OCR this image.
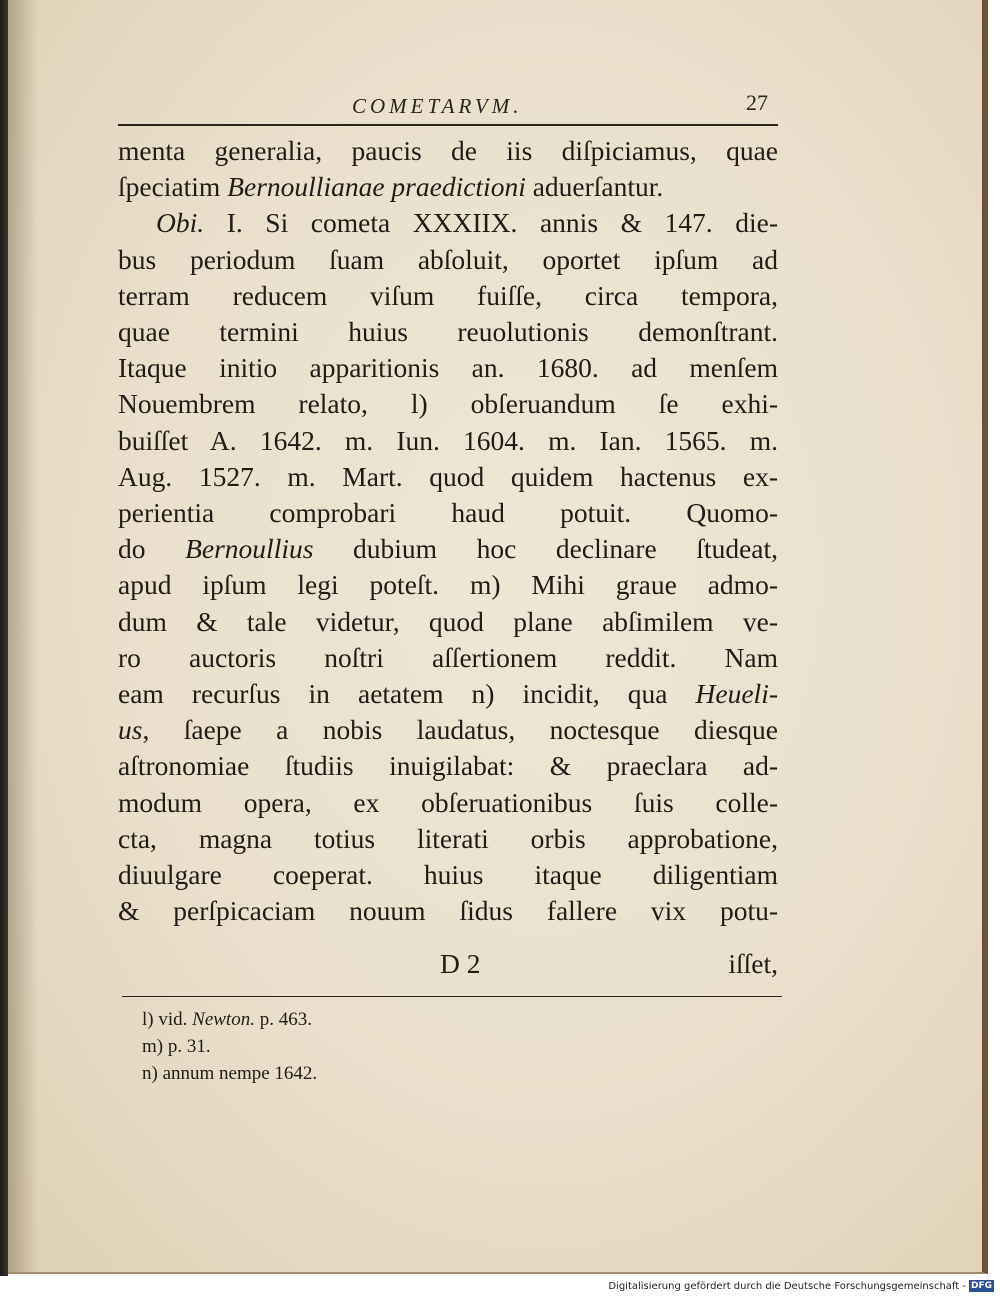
COMETARVM.	27
menta generalia, paucis de iis diſpiciamus, quae
ſpeciatim Bernoullianae praedictioni aduerſantur.
Obi. I. Si cometa XXXIIX. annis & 147. die-
bus periodum ſuam abſoluit, oportet ipſum ad
terram reducem viſum fuiſſe, circa tempora,
quae termini huius reuolutionis demonſtrant.
Itaque initio apparitionis an. 1680. ad menſem
Nouembrem relato, l) obſeruandum ſe exhi-
buiſſet A. 1642. m. Iun. 1604. m. Ian. 1565. m.
Aug. 1527. m. Mart. quod quidem hactenus ex-
perientia comprobari haud potuit. Quomo-
do Bernoullius dubium hoc declinare ſtudeat,
apud ipſum legi poteſt. m) Mihi graue admo-
dum & tale videtur, quod plane abſimilem ve-
ro auctoris noſtri aſſertionem reddit. Nam
eam recurſus in aetatem n) incidit, qua Heueli-
us, ſaepe a nobis laudatus, noctesque diesque
aſtronomiae ſtudiis inuigilabat: & praeclara ad-
modum opera, ex obſeruationibus ſuis colle-
cta, magna totius literati orbis approbatione,
diuulgare coeperat. huius itaque diligentiam
& perſpicaciam nouum ſidus fallere vix potu-
D 2	iſſet,
l) vid. Newton. p. 463.
m) p. 31.
n) annum nempe 1642.
Digitalisierung gefördert durch die Deutsche Forschungsgemeinschaft - DFG
